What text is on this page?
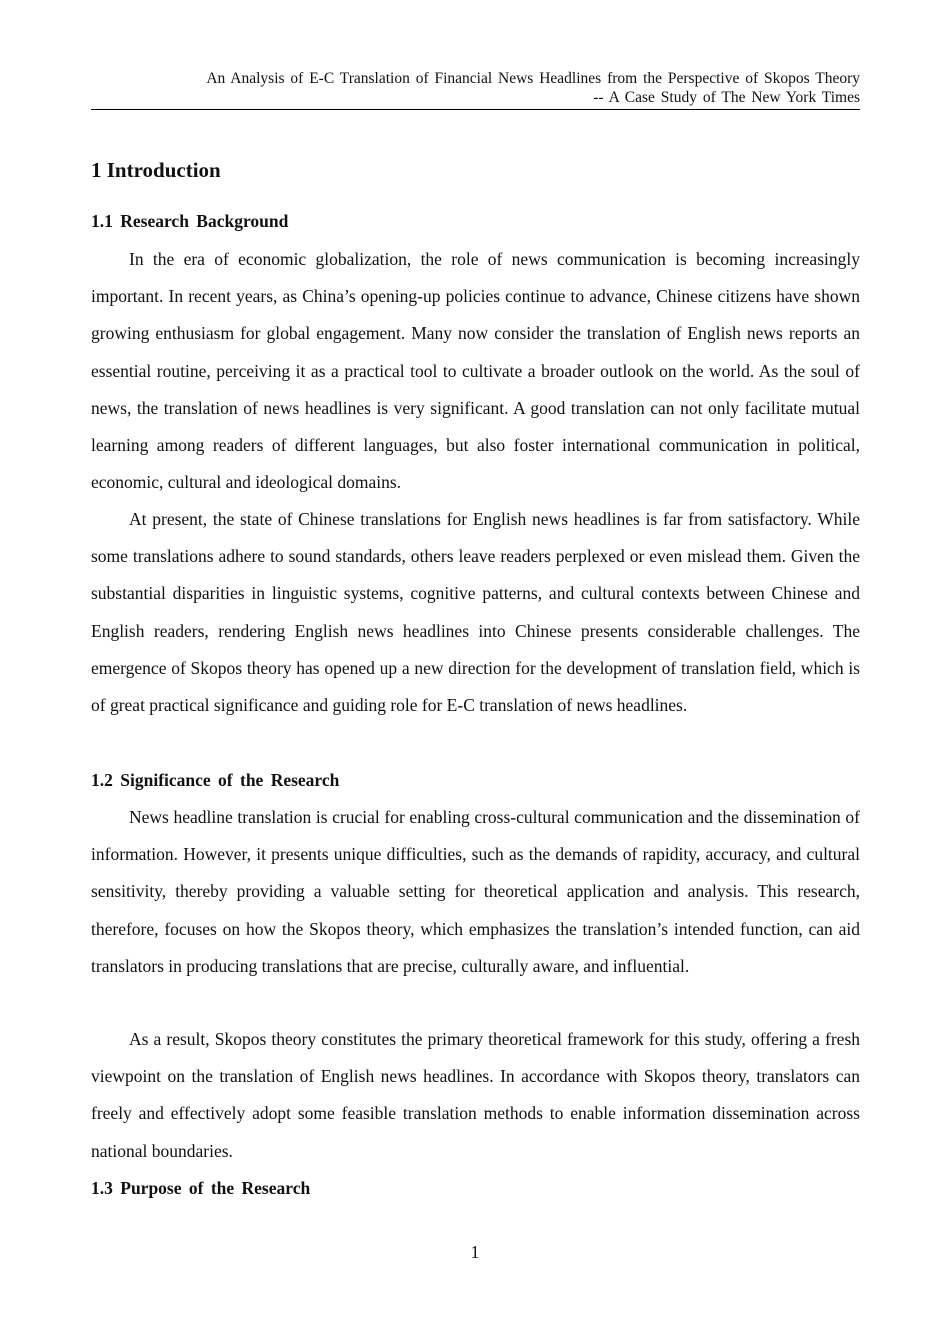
An Analysis of E-C Translation of Financial News Headlines from the Perspective of Skopos Theory
-- A Case Study of The New York Times
1 Introduction
1.1 Research Background

In the era of economic globalization, the role of news communication is becoming increasingly important. In recent years, as China’s opening-up policies continue to advance, Chinese citizens have shown growing enthusiasm for global engagement. Many now consider the translation of English news reports an essential routine, perceiving it as a practical tool to cultivate a broader outlook on the world. As the soul of news, the translation of news headlines is very significant. A good translation can not only facilitate mutual learning among readers of different languages, but also foster international communication in political, economic, cultural and ideological domains.

At present, the state of Chinese translations for English news headlines is far from satisfactory. While some translations adhere to sound standards, others leave readers perplexed or even mislead them. Given the substantial disparities in linguistic systems, cognitive patterns, and cultural contexts between Chinese and English readers, rendering English news headlines into Chinese presents considerable challenges. The emergence of Skopos theory has opened up a new direction for the development of translation field, which is of great practical significance and guiding role for E-C translation of news headlines.

1.2 Significance of the Research

News headline translation is crucial for enabling cross-cultural communication and the dissemination of information. However, it presents unique difficulties, such as the demands of rapidity, accuracy, and cultural sensitivity, thereby providing a valuable setting for theoretical application and analysis. This research, therefore, focuses on how the Skopos theory, which emphasizes the translation’s intended function, can aid translators in producing translations that are precise, culturally aware, and influential.

As a result, Skopos theory constitutes the primary theoretical framework for this study, offering a fresh viewpoint on the translation of English news headlines. In accordance with Skopos theory, translators can freely and effectively adopt some feasible translation methods to enable information dissemination across national boundaries.

1.3 Purpose of the Research
1
